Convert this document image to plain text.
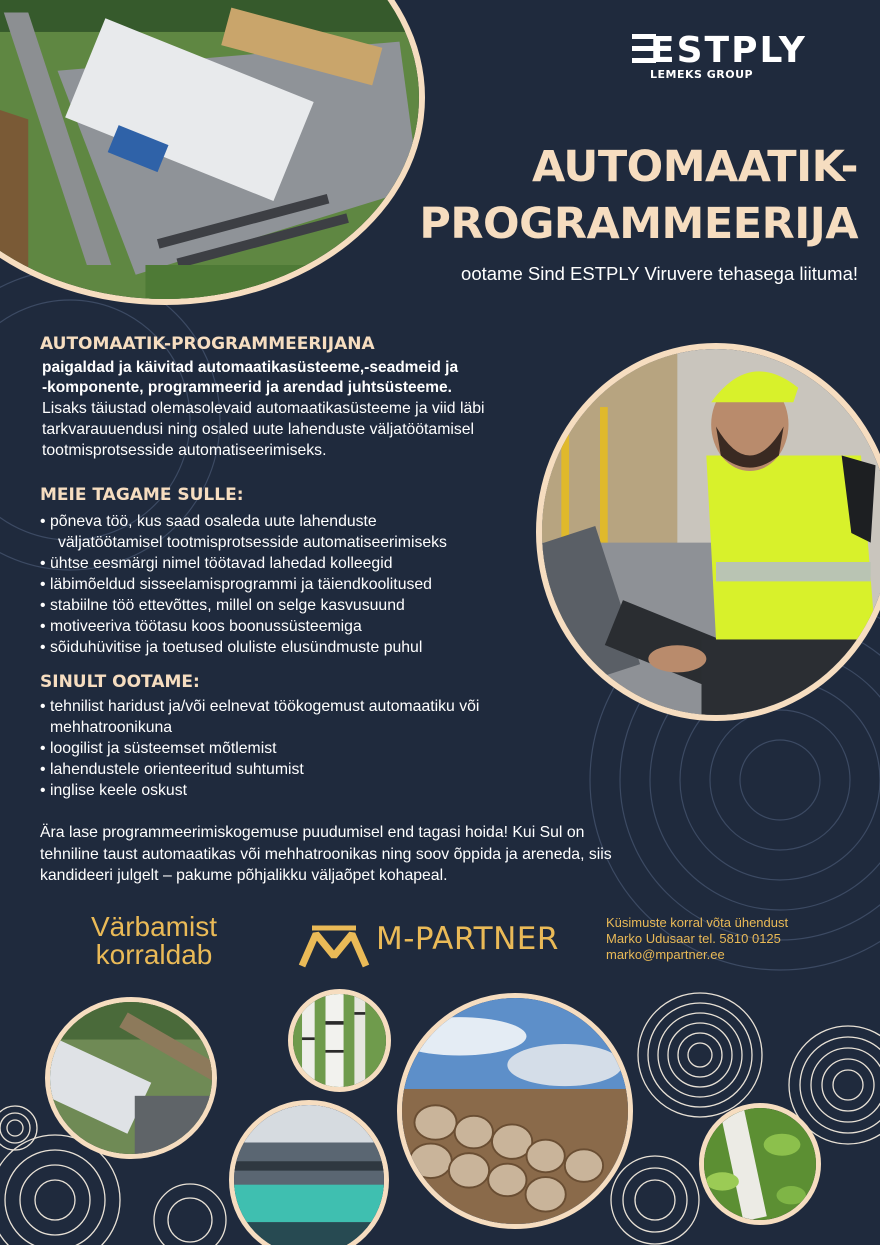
ESTPLY
LEMEKS GROUP
AUTOMAATIK-
PROGRAMMEERIJA
ootame Sind ESTPLY Viruvere tehasega liituma!
AUTOMAATIK-PROGRAMMEERIJANA
paigaldad ja käivitad automaatikasüsteeme,-seadmeid ja
-komponente, programmeerid ja arendad juhtsüsteeme.
Lisaks täiustad olemasolevaid automaatikasüsteeme ja viid läbi
tarkvarauuendusi ning osaled uute lahenduste väljatöötamisel
tootmisprotsesside automatiseerimiseks.
MEIE TAGAME SULLE:
• põneva töö, kus saad osaleda uute lahenduste
väljatöötamisel tootmisprotsesside automatiseerimiseks
• ühtse eesmärgi nimel töötavad lahedad kolleegid
• läbimõeldud sisseelamisprogrammi ja täiendkoolitused
• stabiilne töö ettevõttes, millel on selge kasvusuund
• motiveeriva töötasu koos boonussüsteemiga
• sõiduhüvitise ja toetused oluliste elusündmuste puhul
SINULT OOTAME:
• tehnilist haridust ja/või eelnevat töökogemust automaatiku või
mehhatroonikuna
• loogilist ja süsteemset mõtlemist
• lahendustele orienteeritud suhtumist
• inglise keele oskust
Ära lase programmeerimiskogemuse puudumisel end tagasi hoida! Kui Sul on
tehniline taust automaatikas või mehhatroonikas ning soov õppida ja areneda, siis
kandideeri julgelt – pakume põhjalikku väljaõpet kohapeal.
Värbamist
korraldab	M-PARTNER	Küsimuste korral võta ühendust
Marko Udusaar tel. 5810 0125
marko@mpartner.ee
